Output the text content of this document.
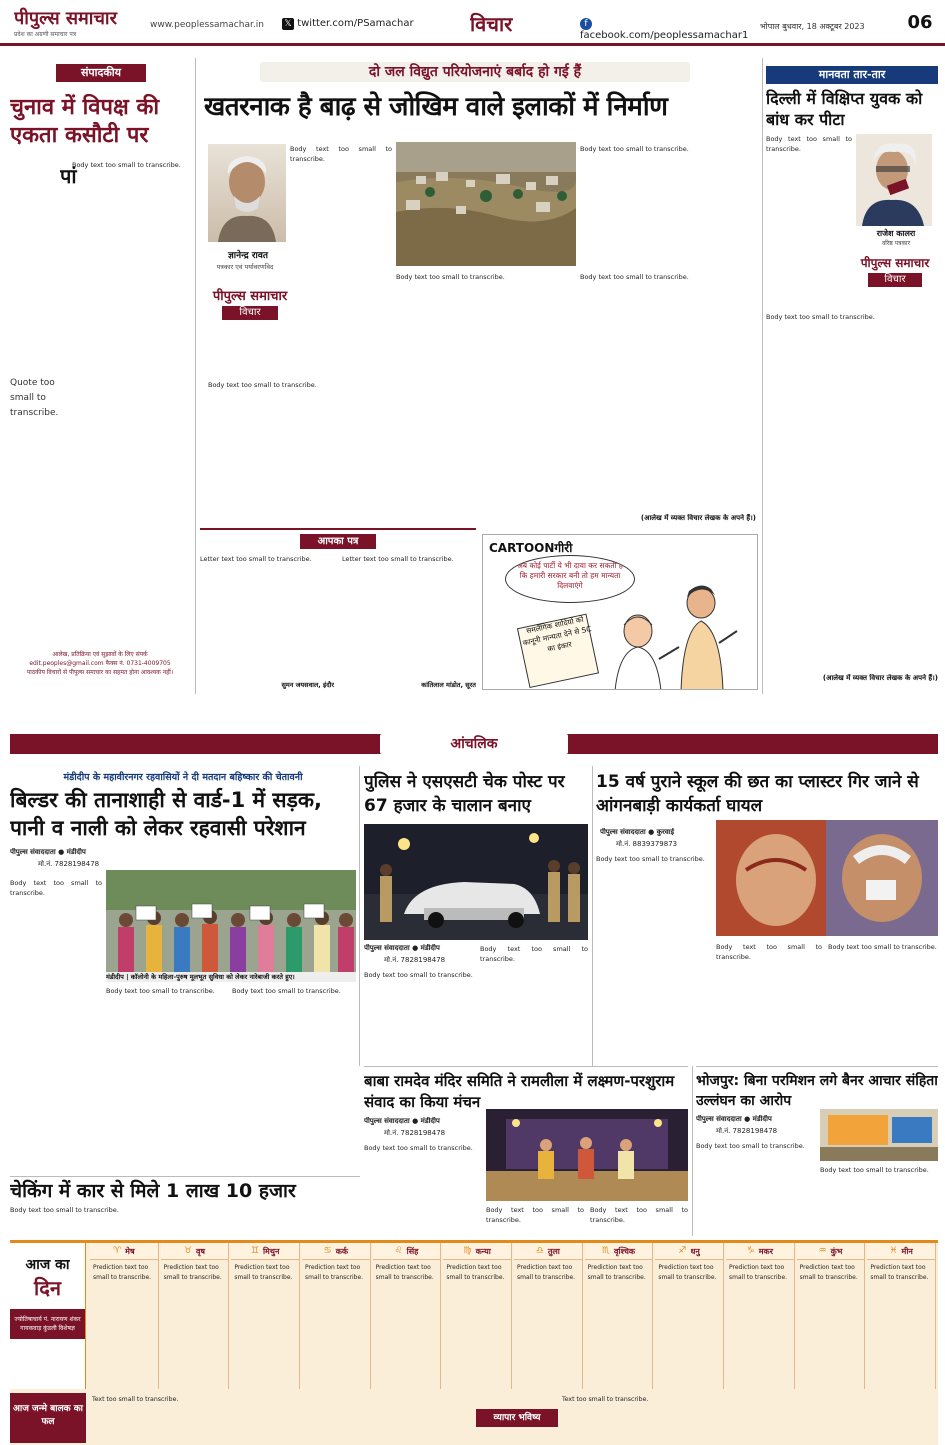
पीपुल्स समाचार
प्रदेश का अग्रणी समाचार पत्र
www.peoplessamachar.in	𝕏 twitter.com/PSamachar	विचार	f facebook.com/peoplessamachar1
भोपाल बुधवार, 18 अक्टूबर 2023	06
संपादकीय
चुनाव में विपक्ष की एकता कसौटी पर
पां
Quote too small to transcribe.
Body text too small to transcribe.
आलेख, प्रतिक्रिया एवं सुझावों के लिए संपर्क
edit.peoples@gmail.com फैक्स नं. 0731-4009705
पाठकीय विचारों से पीपुल्स समाचार का सहमत होना आवश्यक नहीं।
दो जल विद्युत परियोजनाएं बर्बाद हो गई हैं
खतरनाक है बाढ़ से जोखिम वाले इलाकों में निर्माण
ज्ञानेन्द्र रावत
पत्रकार एवं पर्यावरणविद
पीपुल्स समाचार
विचार
Body text too small to transcribe.
Body text too small to transcribe.
Body text too small to transcribe.
Body text too small to transcribe.	Body text too small to transcribe.
(आलेख में व्यक्त विचार लेखक के अपने हैं।)
मानवता तार-तार
दिल्ली में विक्षिप्त युवक को बांध कर पीटा
राजेश कालरा
वरिष्ठ पत्रकार
पीपुल्स समाचार
विचार
Body text too small to transcribe.
Body text too small to transcribe.
(आलेख में व्यक्त विचार लेखक के अपने हैं।)
आपका पत्र
Letter text too small to transcribe.	Letter text too small to transcribe.
सुमन जयसवाल, इंदौर	कांतिलाल मांडोत, सूरत
CARTOONगीरी
अब कोई पार्टी ये भी दावा कर सकती है कि हमारी सरकार बनी तो हम मान्यता दिलवाएंगे
समलैंगिक शादियों को कानूनी मान्यता देने से SC का इंकार
आंचलिक
मंडीदीप के महावीरनगर रहवासियों ने दी मतदान बहिष्कार की चेतावनी
बिल्डर की तानाशाही से वार्ड-1 में सड़क, पानी व नाली को लेकर रहवासी परेशान
पीपुल्स संवाददाता ● मंडीदीप
मो.नं. 7828198478
Body text too small to transcribe.
मंडीदीप | कॉलोनी के महिला-पुरुष मूलभूत सुविधा को लेकर नारेबाजी करते हुए।
Body text too small to transcribe.	Body text too small to transcribe.
पुलिस ने एसएसटी चेक पोस्ट पर 67 हजार के चालान बनाए
पीपुल्स संवाददाता ● मंडीदीप
मो.नं. 7828198478
Body text too small to transcribe.
Body text too small to transcribe.
15 वर्ष पुराने स्कूल की छत का प्लास्टर गिर जाने से आंगनबाड़ी कार्यकर्ता घायल
पीपुल्स संवाददाता ● कुरवाई
मो.नं. 8839379873
Body text too small to transcribe.
Body text too small to transcribe.
Body text too small to transcribe.
बाबा रामदेव मंदिर समिति ने रामलीला में लक्ष्मण-परशुराम संवाद का किया मंचन
पीपुल्स संवाददाता ● मंडीदीप
मो.नं. 7828198478
Body text too small to transcribe.
Body text too small to transcribe.
Body text too small to transcribe.
भोजपुर: बिना परमिशन लगे बैनर आचार संहिता उल्लंघन का आरोप
पीपुल्स संवाददाता ● मंडीदीप
मो.नं. 7828198478
Body text too small to transcribe.
Body text too small to transcribe.
चेकिंग में कार से मिले 1 लाख 10 हजार
Body text too small to transcribe.
आज का
दिन
ज्योतिषाचार्य पं. नारायण शंकर गायकवाड़ कुंडली विशेषज्ञ
♈ मेष
Prediction text too small to transcribe.
♉ वृष
Prediction text too small to transcribe.
♊ मिथुन
Prediction text too small to transcribe.
♋ कर्क
Prediction text too small to transcribe.
♌ सिंह
Prediction text too small to transcribe.
♍ कन्या
Prediction text too small to transcribe.
♎ तुला
Prediction text too small to transcribe.
♏ वृश्चिक
Prediction text too small to transcribe.
♐ धनु
Prediction text too small to transcribe.
♑ मकर
Prediction text too small to transcribe.
♒ कुंभ
Prediction text too small to transcribe.
♓ मीन
Prediction text too small to transcribe.
आज जन्मे बालक का फल
Text too small to transcribe.
व्यापार भविष्य
Text too small to transcribe.
